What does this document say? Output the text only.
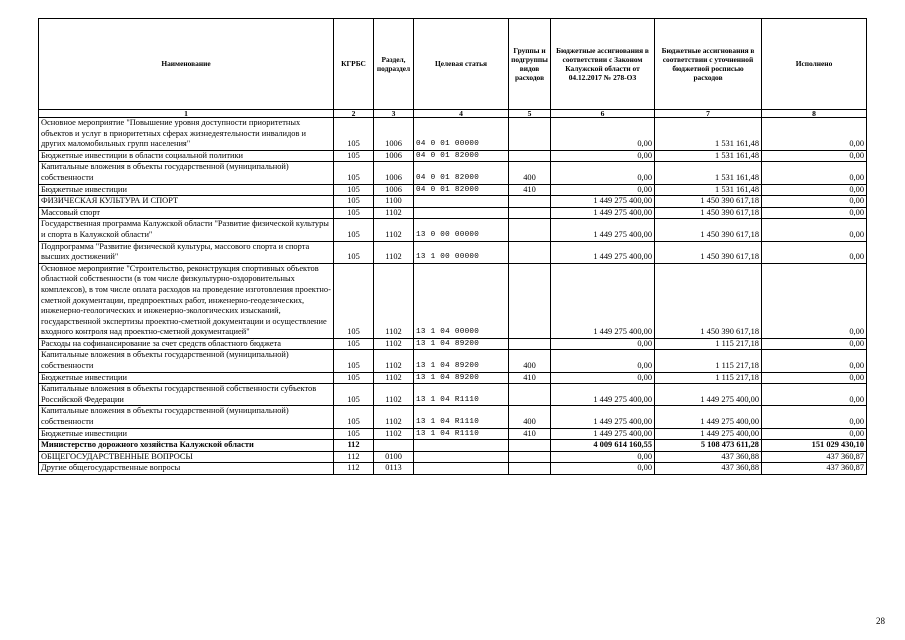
Наименование	КГРБС	Раздел, подраздел	Целевая статья	Группы и подгруппы видов расходов	Бюджетные ассигнования в соответствии с Законом Калужской области от 04.12.2017 № 278-ОЗ	Бюджетные ассигнования в соответствии с уточненной бюджетной росписью расходов	Исполнено
1	2	3	4	5	6	7	8
Основное мероприятие "Повышение уровня доступности приоритетных объектов и услуг в приоритетных сферах жизнедеятельности инвалидов и других маломобильных групп населения"	105	1006	04 0 01 00000		0,00	1 531 161,48	0,00
Бюджетные инвестиции в области социальной политики	105	1006	04 0 01 82000		0,00	1 531 161,48	0,00
Капитальные вложения в объекты государственной (муниципальной) собственности	105	1006	04 0 01 82000	400	0,00	1 531 161,48	0,00
Бюджетные инвестиции	105	1006	04 0 01 82000	410	0,00	1 531 161,48	0,00
ФИЗИЧЕСКАЯ КУЛЬТУРА И СПОРТ	105	1100			1 449 275 400,00	1 450 390 617,18	0,00
Массовый спорт	105	1102			1 449 275 400,00	1 450 390 617,18	0,00
Государственная программа Калужской области "Развитие физической культуры и спорта в Калужской области"	105	1102	13 0 00 00000		1 449 275 400,00	1 450 390 617,18	0,00
Подпрограмма "Развитие физической культуры, массового спорта и спорта высших достижений"	105	1102	13 1 00 00000		1 449 275 400,00	1 450 390 617,18	0,00
Основное мероприятие "Строительство, реконструкция спортивных объектов областной собственности (в том числе физкультурно-оздоровительных комплексов), в том числе оплата расходов на проведение изготовления проектно-сметной документации, предпроектных работ, инженерно-геодезических, инженерно-геологических и инженерно-экологических изысканий, государственной экспертизы проектно-сметной документации и осуществление входного контроля над проектно-сметной документацией"	105	1102	13 1 04 00000		1 449 275 400,00	1 450 390 617,18	0,00
Расходы на софинансирование за счет средств областного бюджета	105	1102	13 1 04 89200		0,00	1 115 217,18	0,00
Капитальные вложения в объекты государственной (муниципальной) собственности	105	1102	13 1 04 89200	400	0,00	1 115 217,18	0,00
Бюджетные инвестиции	105	1102	13 1 04 89200	410	0,00	1 115 217,18	0,00
Капитальные вложения в объекты государственной собственности субъектов Российской Федерации	105	1102	13 1 04 R1110		1 449 275 400,00	1 449 275 400,00	0,00
Капитальные вложения в объекты государственной (муниципальной) собственности	105	1102	13 1 04 R1110	400	1 449 275 400,00	1 449 275 400,00	0,00
Бюджетные инвестиции	105	1102	13 1 04 R1110	410	1 449 275 400,00	1 449 275 400,00	0,00
Министерство дорожного хозяйства Калужской области	112				4 009 614 160,55	5 108 473 611,28	151 029 430,10
ОБЩЕГОСУДАРСТВЕННЫЕ ВОПРОСЫ	112	0100			0,00	437 360,88	437 360,87
Другие общегосударственные вопросы	112	0113			0,00	437 360,88	437 360,87
28
